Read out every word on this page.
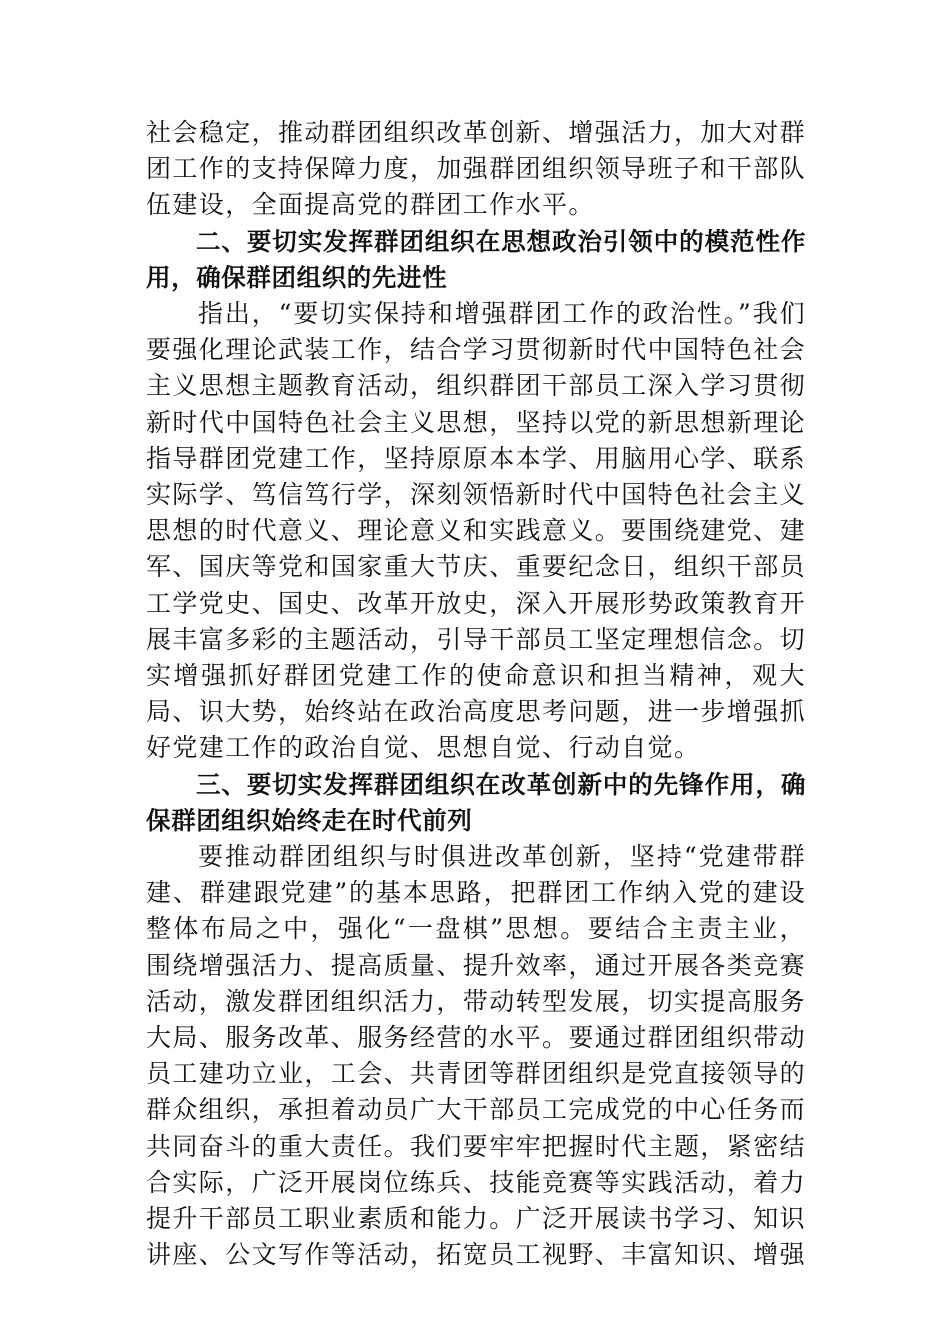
社会稳定，推动群团组织改革创新、增强活力，加大对群团工作的支持保障力度，加强群团组织领导班子和干部队伍建设，全面提高党的群团工作水平。

二、要切实发挥群团组织在思想政治引领中的模范性作用，确保群团组织的先进性

指出，“要切实保持和增强群团工作的政治性。”我们要强化理论武装工作，结合学习贯彻新时代中国特色社会主义思想主题教育活动，组织群团干部员工深入学习贯彻新时代中国特色社会主义思想，坚持以党的新思想新理论指导群团党建工作，坚持原原本本学、用脑用心学、联系实际学、笃信笃行学，深刻领悟新时代中国特色社会主义思想的时代意义、理论意义和实践意义。要围绕建党、建军、国庆等党和国家重大节庆、重要纪念日，组织干部员工学党史、国史、改革开放史，深入开展形势政策教育开展丰富多彩的主题活动，引导干部员工坚定理想信念。切实增强抓好群团党建工作的使命意识和担当精神，观大局、识大势，始终站在政治高度思考问题，进一步增强抓好党建工作的政治自觉、思想自觉、行动自觉。

三、要切实发挥群团组织在改革创新中的先锋作用，确保群团组织始终走在时代前列

要推动群团组织与时俱进改革创新，坚持“党建带群建、群建跟党建”的基本思路，把群团工作纳入党的建设整体布局之中，强化“一盘棋”思想。要结合主责主业，围绕增强活力、提高质量、提升效率，通过开展各类竞赛活动，激发群团组织活力，带动转型发展，切实提高服务大局、服务改革、服务经营的水平。要通过群团组织带动员工建功立业，工会、共青团等群团组织是党直接领导的群众组织，承担着动员广大干部员工完成党的中心任务而共同奋斗的重大责任。我们要牢牢把握时代主题，紧密结合实际，广泛开展岗位练兵、技能竞赛等实践活动，着力提升干部员工职业素质和能力。广泛开展读书学习、知识讲座、公文写作等活动，拓宽员工视野、丰富知识、增强
